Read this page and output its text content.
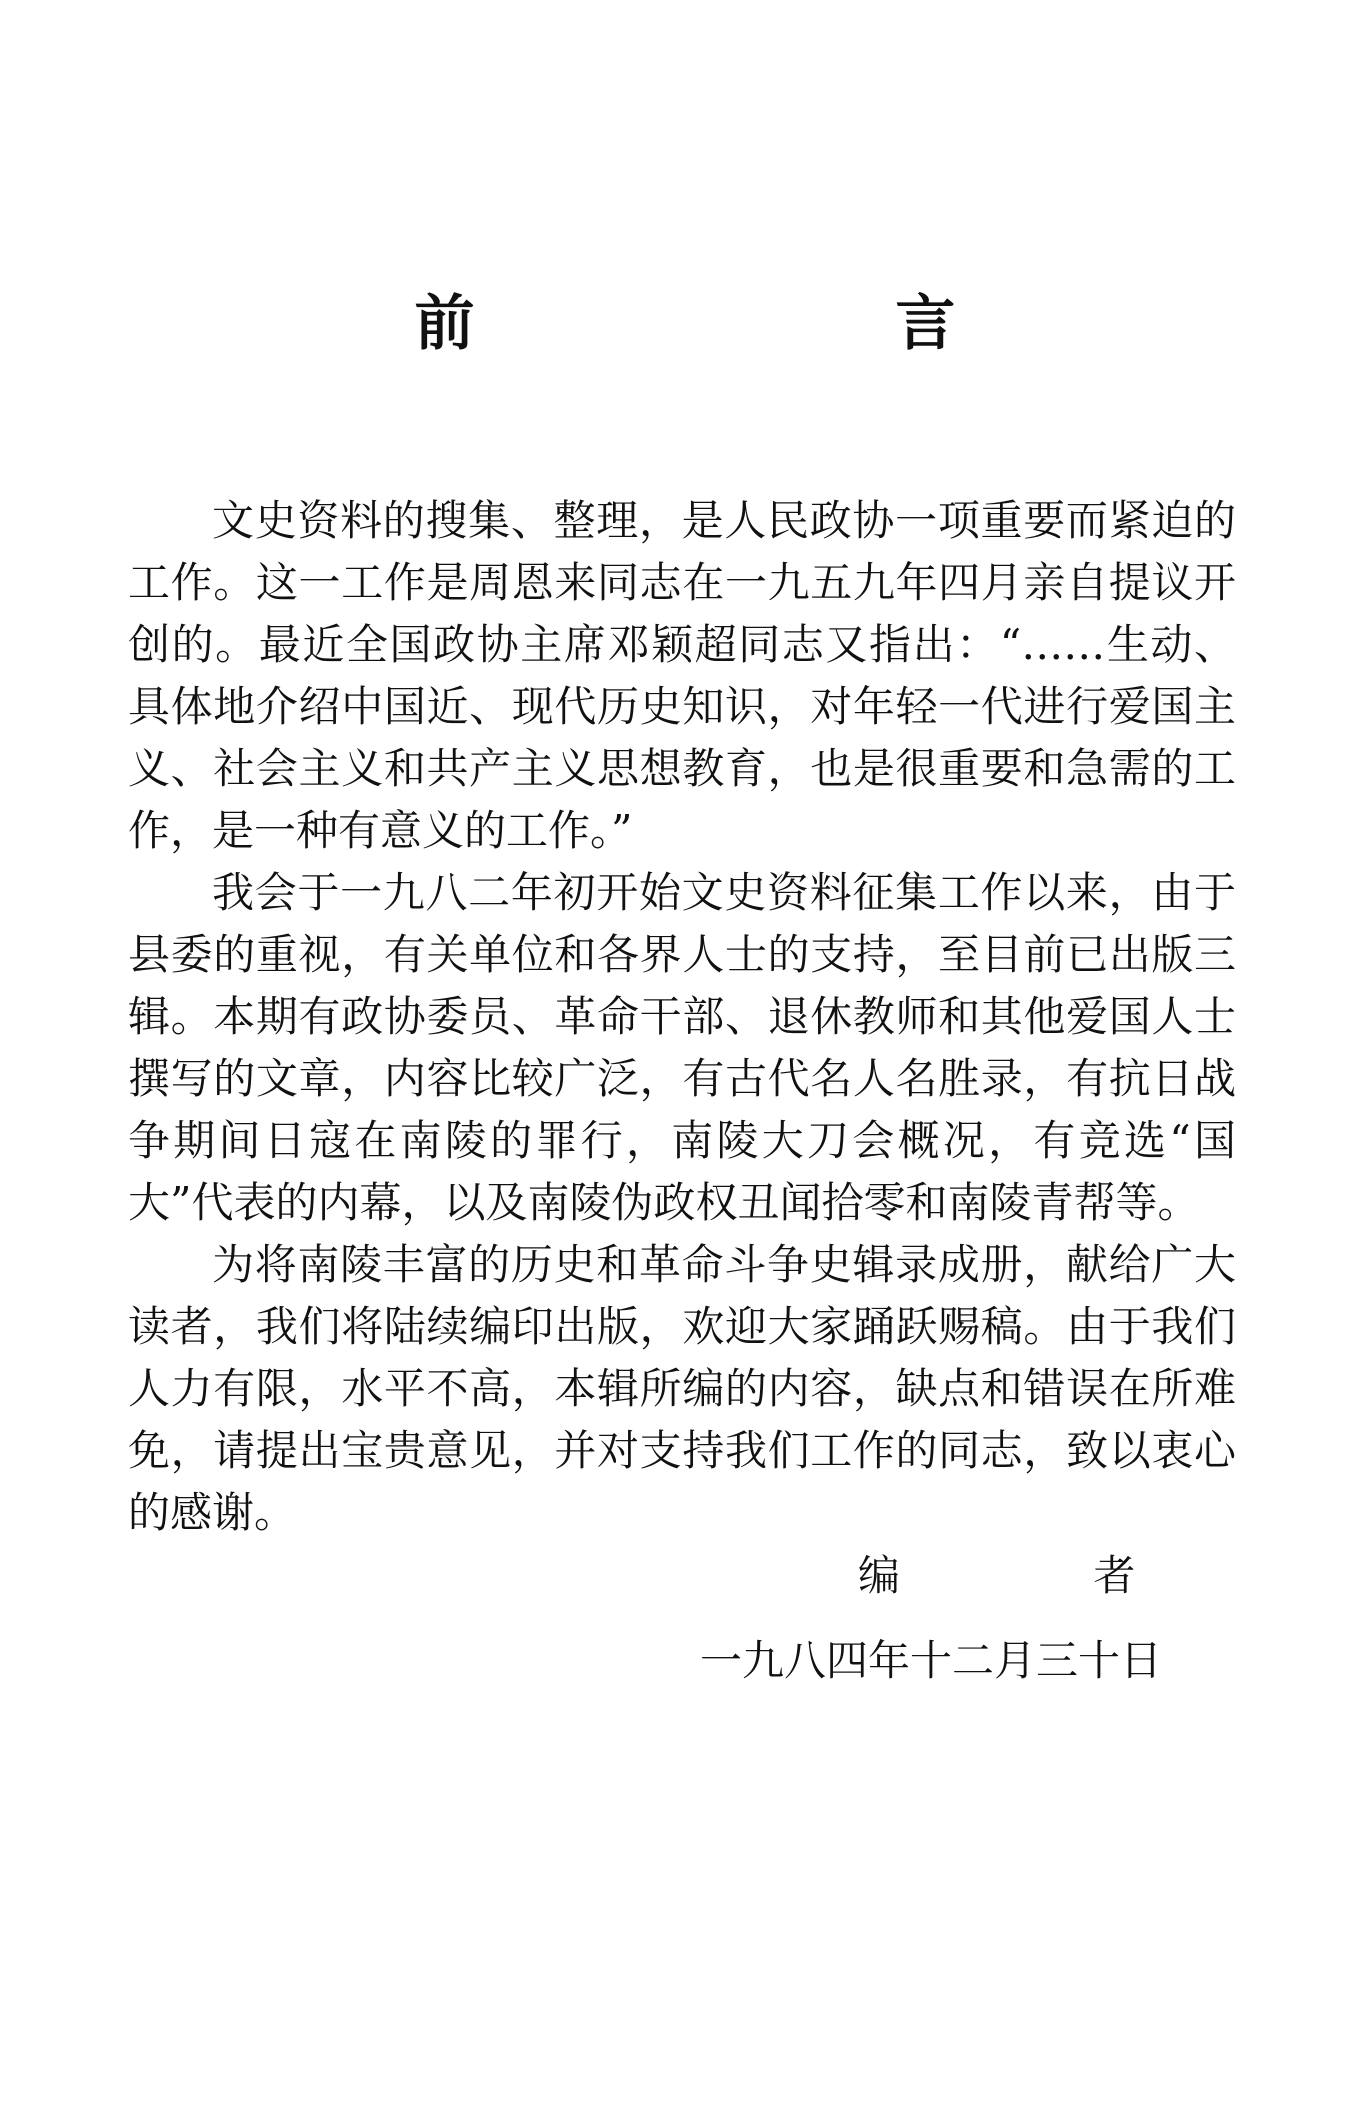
前 言

文史资料的搜集、整理，是人民政协一项重要而紧迫的工作。这一工作是周恩来同志在一九五九年四月亲自提议开创的。最近全国政协主席邓颖超同志又指出：“……生动、具体地介绍中国近、现代历史知识，对年轻一代进行爱国主义、社会主义和共产主义思想教育，也是很重要和急需的工作，是一种有意义的工作。”

我会于一九八二年初开始文史资料征集工作以来，由于县委的重视，有关单位和各界人士的支持，至目前已出版三辑。本期有政协委员、革命干部、退休教师和其他爱国人士撰写的文章，内容比较广泛，有古代名人名胜录，有抗日战争期间日寇在南陵的罪行，南陵大刀会概况，有竞选“国大”代表的内幕，以及南陵伪政权丑闻拾零和南陵青帮等。

为将南陵丰富的历史和革命斗争史辑录成册，献给广大读者，我们将陆续编印出版，欢迎大家踊跃赐稿。由于我们人力有限，水平不高，本辑所编的内容，缺点和错误在所难免，请提出宝贵意见，并对支持我们工作的同志，致以衷心的感谢。

编 者
一九八四年十二月三十日
